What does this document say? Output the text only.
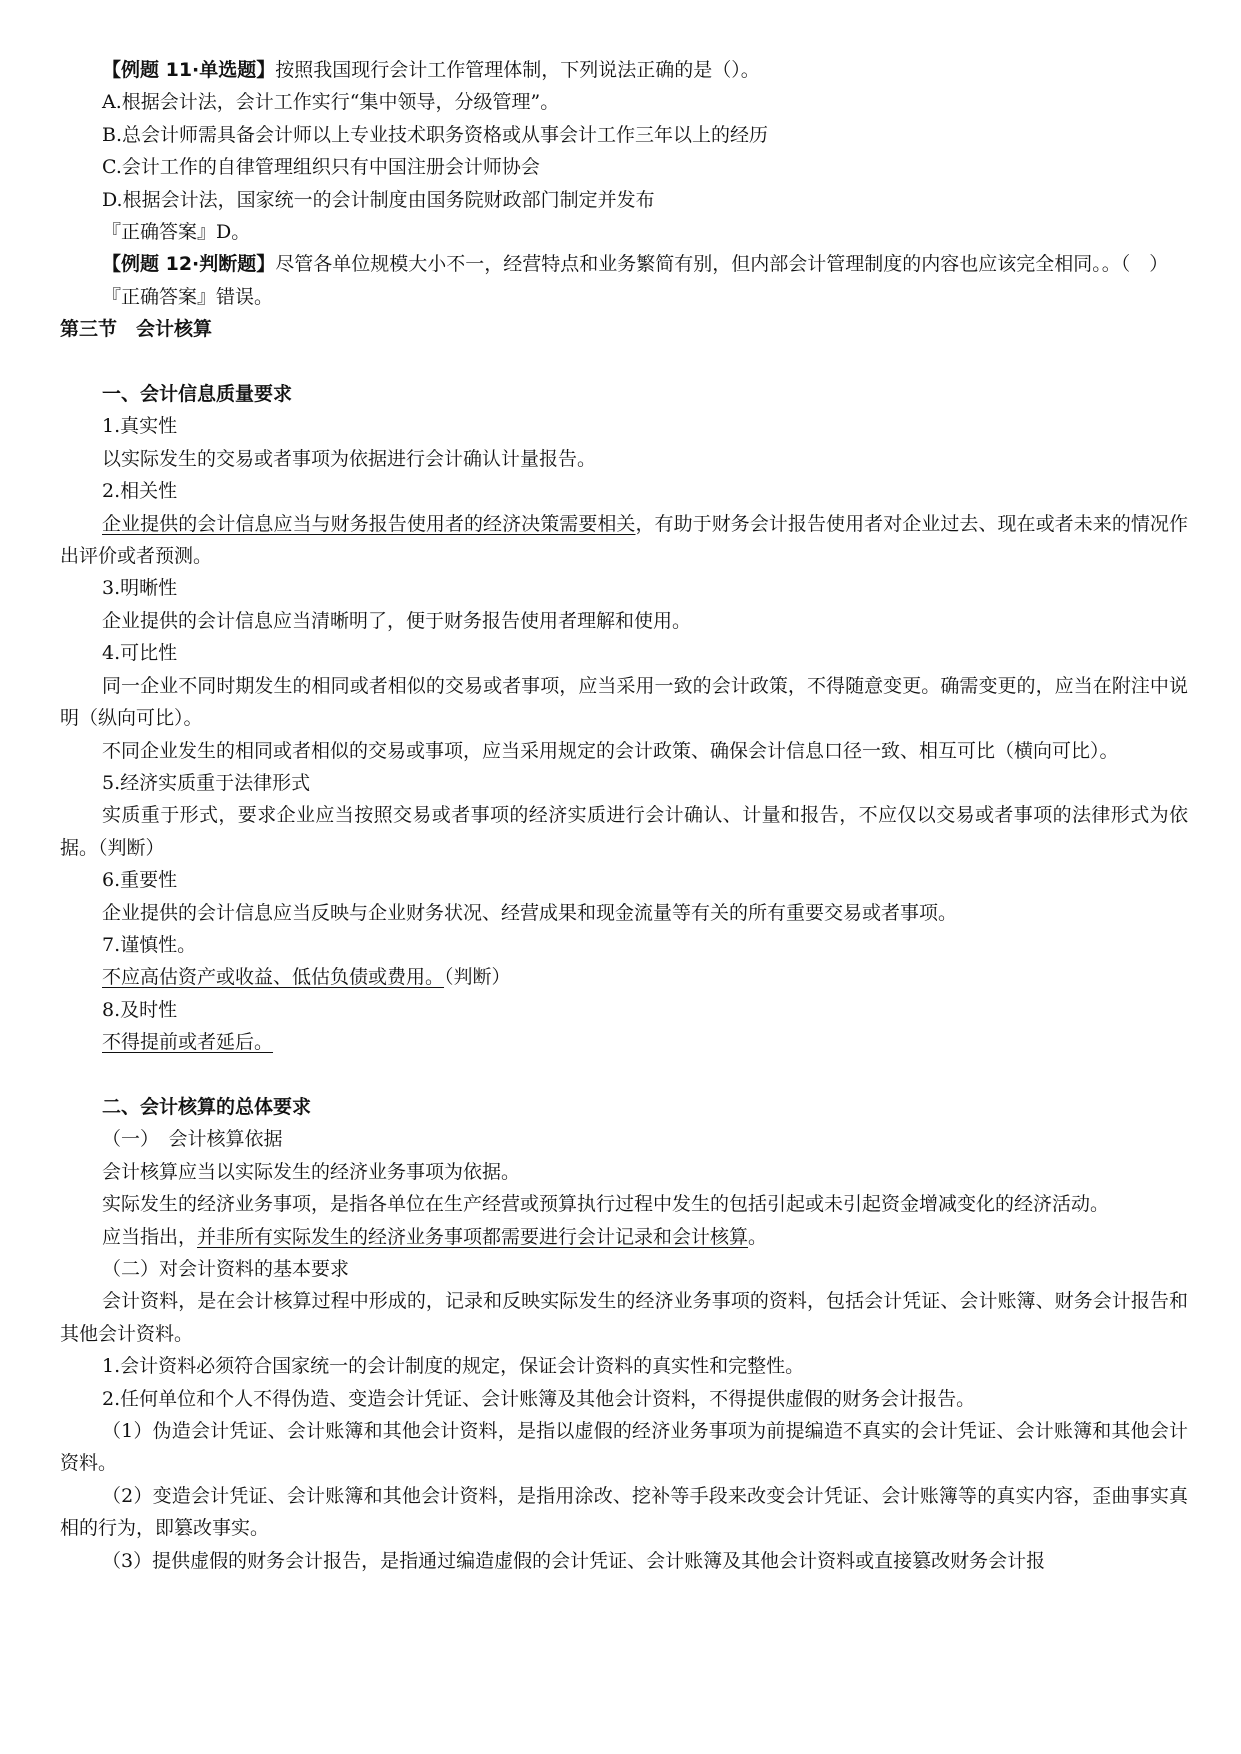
【例题 11·单选题】按照我国现行会计工作管理体制，下列说法正确的是（）。

A.根据会计法，会计工作实行“集中领导，分级管理”。

B.总会计师需具备会计师以上专业技术职务资格或从事会计工作三年以上的经历

C.会计工作的自律管理组织只有中国注册会计师协会

D.根据会计法，国家统一的会计制度由国务院财政部门制定并发布

『正确答案』D。

【例题 12·判断题】尽管各单位规模大小不一，经营特点和业务繁简有别，但内部会计管理制度的内容也应该完全相同。。（　）

『正确答案』错误。

第三节　会计核算

一、会计信息质量要求

1.真实性

以实际发生的交易或者事项为依据进行会计确认计量报告。

2.相关性

企业提供的会计信息应当与财务报告使用者的经济决策需要相关，有助于财务会计报告使用者对企业过去、现在或者未来的情况作出评价或者预测。

3.明晰性

企业提供的会计信息应当清晰明了，便于财务报告使用者理解和使用。

4.可比性

同一企业不同时期发生的相同或者相似的交易或者事项，应当采用一致的会计政策，不得随意变更。确需变更的，应当在附注中说明（纵向可比）。

不同企业发生的相同或者相似的交易或事项，应当采用规定的会计政策、确保会计信息口径一致、相互可比（横向可比）。

5.经济实质重于法律形式

实质重于形式，要求企业应当按照交易或者事项的经济实质进行会计确认、计量和报告，不应仅以交易或者事项的法律形式为依据。（判断）

6.重要性

企业提供的会计信息应当反映与企业财务状况、经营成果和现金流量等有关的所有重要交易或者事项。

7.谨慎性。

不应高估资产或收益、低估负债或费用。（判断）

8.及时性

不得提前或者延后。

二、会计核算的总体要求

（一）　会计核算依据

会计核算应当以实际发生的经济业务事项为依据。

实际发生的经济业务事项，是指各单位在生产经营或预算执行过程中发生的包括引起或未引起资金增减变化的经济活动。

应当指出，并非所有实际发生的经济业务事项都需要进行会计记录和会计核算。

（二）对会计资料的基本要求

会计资料，是在会计核算过程中形成的，记录和反映实际发生的经济业务事项的资料，包括会计凭证、会计账簿、财务会计报告和其他会计资料。

1.会计资料必须符合国家统一的会计制度的规定，保证会计资料的真实性和完整性。

2.任何单位和个人不得伪造、变造会计凭证、会计账簿及其他会计资料，不得提供虚假的财务会计报告。

（1）伪造会计凭证、会计账簿和其他会计资料，是指以虚假的经济业务事项为前提编造不真实的会计凭证、会计账簿和其他会计资料。

（2）变造会计凭证、会计账簿和其他会计资料，是指用涂改、挖补等手段来改变会计凭证、会计账簿等的真实内容，歪曲事实真相的行为，即篡改事实。

（3）提供虚假的财务会计报告，是指通过编造虚假的会计凭证、会计账簿及其他会计资料或直接篡改财务会计报
